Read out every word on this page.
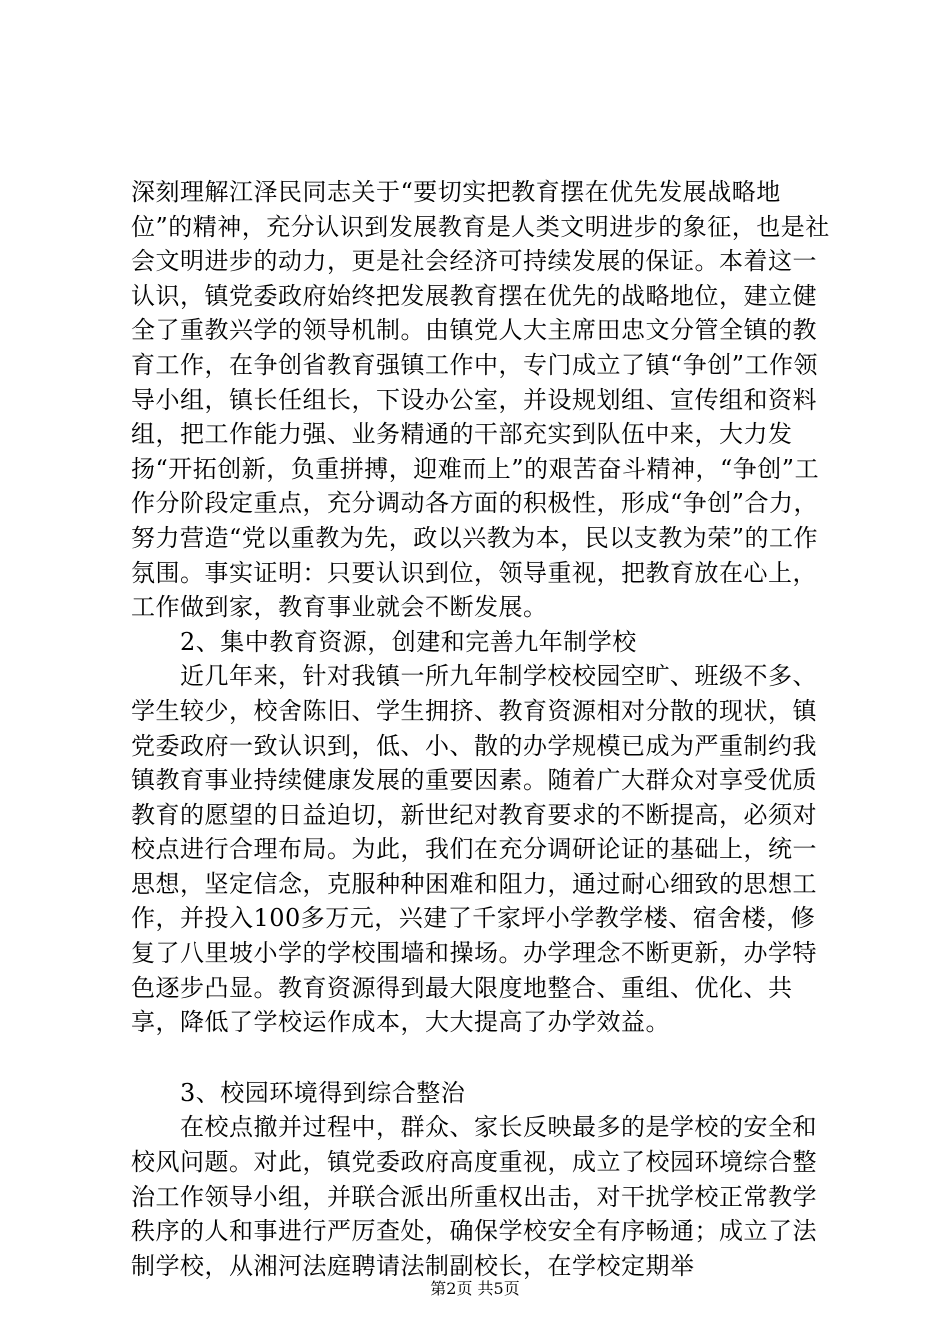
深刻理解江泽民同志关于“要切实把教育摆在优先发展战略地位”的精神，充分认识到发展教育是人类文明进步的象征，也是社会文明进步的动力，更是社会经济可持续发展的保证。本着这一认识，镇党委政府始终把发展教育摆在优先的战略地位，建立健全了重教兴学的领导机制。由镇党人大主席田忠文分管全镇的教育工作，在争创省教育强镇工作中，专门成立了镇“争创”工作领导小组，镇长任组长，下设办公室，并设规划组、宣传组和资料组，把工作能力强、业务精通的干部充实到队伍中来，大力发扬“开拓创新，负重拼搏，迎难而上”的艰苦奋斗精神，“争创”工作分阶段定重点，充分调动各方面的积极性，形成“争创”合力，努力营造“党以重教为先，政以兴教为本，民以支教为荣”的工作氛围。事实证明：只要认识到位，领导重视，把教育放在心上，工作做到家，教育事业就会不断发展。

2、集中教育资源，创建和完善九年制学校

近几年来，针对我镇一所九年制学校校园空旷、班级不多、学生较少，校舍陈旧、学生拥挤、教育资源相对分散的现状，镇党委政府一致认识到，低、小、散的办学规模已成为严重制约我镇教育事业持续健康发展的重要因素。随着广大群众对享受优质教育的愿望的日益迫切，新世纪对教育要求的不断提高，必须对校点进行合理布局。为此，我们在充分调研论证的基础上，统一思想，坚定信念，克服种种困难和阻力，通过耐心细致的思想工作，并投入100多万元，兴建了千家坪小学教学楼、宿舍楼，修复了八里坡小学的学校围墙和操场。办学理念不断更新，办学特色逐步凸显。教育资源得到最大限度地整合、重组、优化、共享，降低了学校运作成本，大大提高了办学效益。

3、校园环境得到综合整治

在校点撤并过程中，群众、家长反映最多的是学校的安全和校风问题。对此，镇党委政府高度重视，成立了校园环境综合整治工作领导小组，并联合派出所重权出击，对干扰学校正常教学秩序的人和事进行严厉查处，确保学校安全有序畅通；成立了法制学校，从湘河法庭聘请法制副校长，在学校定期举

第2页 共5页
